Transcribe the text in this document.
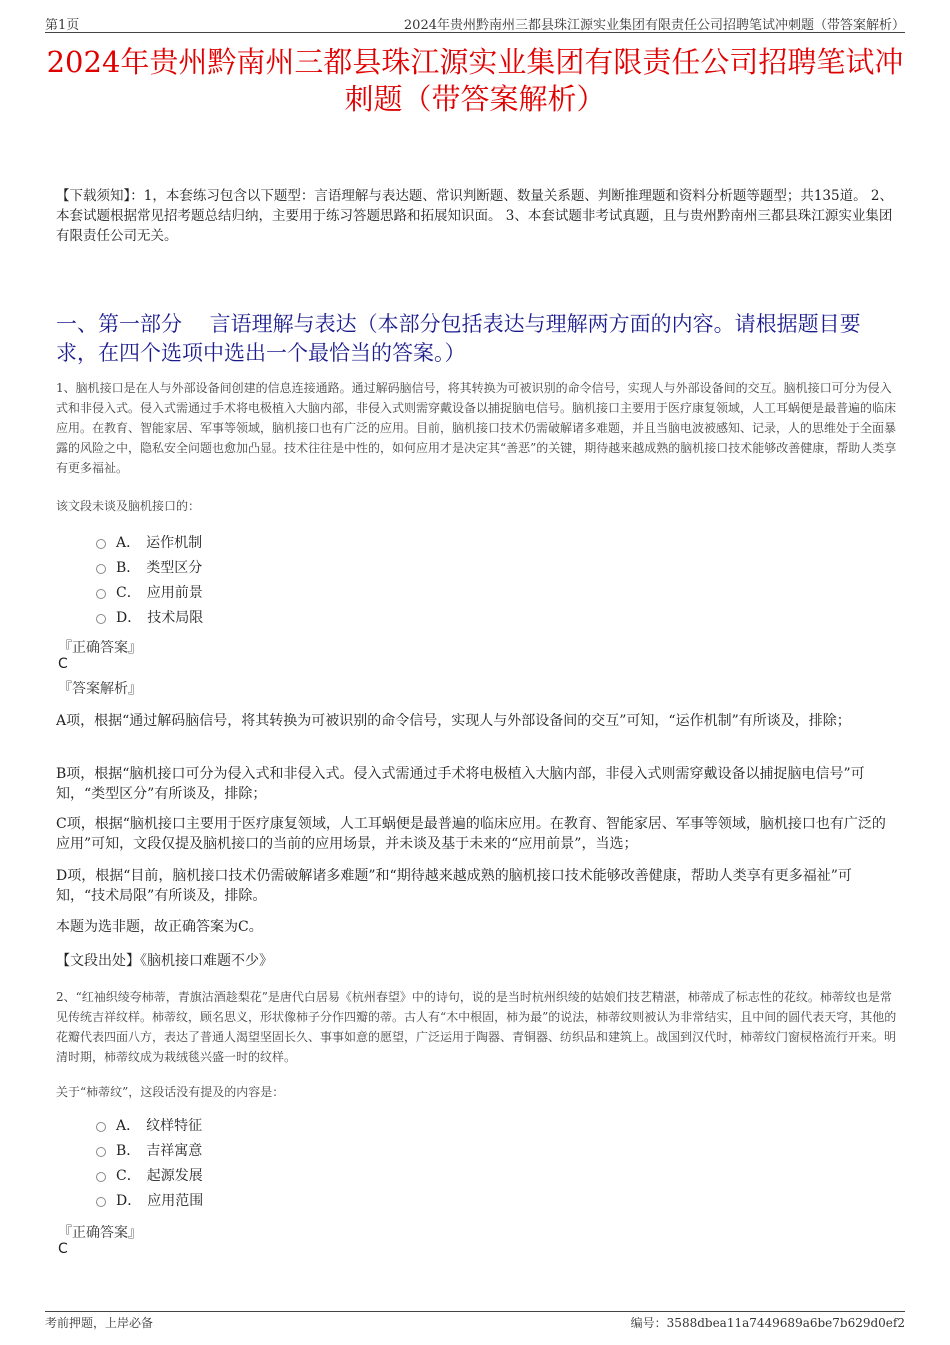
第1页	2024年贵州黔南州三都县珠江源实业集团有限责任公司招聘笔试冲刺题（带答案解析）
2024年贵州黔南州三都县珠江源实业集团有限责任公司招聘笔试冲刺题（带答案解析）
【下载须知】：1，本套练习包含以下题型：言语理解与表达题、常识判断题、数量关系题、判断推理题和资料分析题等题型；共135道。 2、本套试题根据常见招考题总结归纳，主要用于练习答题思路和拓展知识面。 3、本套试题非考试真题，且与贵州黔南州三都县珠江源实业集团有限责任公司无关。
一、第一部分　 言语理解与表达（本部分包括表达与理解两方面的内容。请根据题目要求，在四个选项中选出一个最恰当的答案。）
1、脑机接口是在人与外部设备间创建的信息连接通路。通过解码脑信号，将其转换为可被识别的命令信号，实现人与外部设备间的交互。脑机接口可分为侵入式和非侵入式。侵入式需通过手术将电极植入大脑内部，非侵入式则需穿戴设备以捕捉脑电信号。脑机接口主要用于医疗康复领域，人工耳蜗便是最普遍的临床应用。在教育、智能家居、军事等领域，脑机接口也有广泛的应用。目前，脑机接口技术仍需破解诸多难题，并且当脑电波被感知、记录，人的思维处于全面暴露的风险之中，隐私安全问题也愈加凸显。技术往往是中性的，如何应用才是决定其“善恶”的关键，期待越来越成熟的脑机接口技术能够改善健康，帮助人类享有更多福祉。
该文段未谈及脑机接口的：
A． 运作机制
B． 类型区分
C． 应用前景
D． 技术局限
『正确答案』
C
『答案解析』
A项，根据“通过解码脑信号，将其转换为可被识别的命令信号，实现人与外部设备间的交互”可知，“运作机制”有所谈及，排除；
B项，根据“脑机接口可分为侵入式和非侵入式。侵入式需通过手术将电极植入大脑内部，非侵入式则需穿戴设备以捕捉脑电信号”可知，“类型区分”有所谈及，排除；
C项，根据“脑机接口主要用于医疗康复领域，人工耳蜗便是最普遍的临床应用。在教育、智能家居、军事等领域，脑机接口也有广泛的应用”可知，文段仅提及脑机接口的当前的应用场景，并未谈及基于未来的“应用前景”，当选；
D项，根据“目前，脑机接口技术仍需破解诸多难题”和“期待越来越成熟的脑机接口技术能够改善健康，帮助人类享有更多福祉”可知，“技术局限”有所谈及，排除。
本题为选非题，故正确答案为C。
【文段出处】《脑机接口难题不少》
2、“红袖织绫夸柿蒂，青旗沽酒趁梨花”是唐代白居易《杭州春望》中的诗句，说的是当时杭州织绫的姑娘们技艺精湛，柿蒂成了标志性的花纹。柿蒂纹也是常见传统吉祥纹样。柿蒂纹，顾名思义，形状像柿子分作四瓣的蒂。古人有“木中根固，柿为最”的说法，柿蒂纹则被认为非常结实，且中间的圆代表天穹，其他的花瓣代表四面八方，表达了普通人渴望坚固长久、事事如意的愿望，广泛运用于陶器、青铜器、纺织品和建筑上。战国到汉代时，柿蒂纹门窗棂格流行开来。明清时期，柿蒂纹成为栽绒毯兴盛一时的纹样。
关于“柿蒂纹”，这段话没有提及的内容是：
A． 纹样特征
B． 吉祥寓意
C． 起源发展
D． 应用范围
『正确答案』
C
考前押题，上岸必备	编号：3588dbea11a7449689a6be7b629d0ef2
